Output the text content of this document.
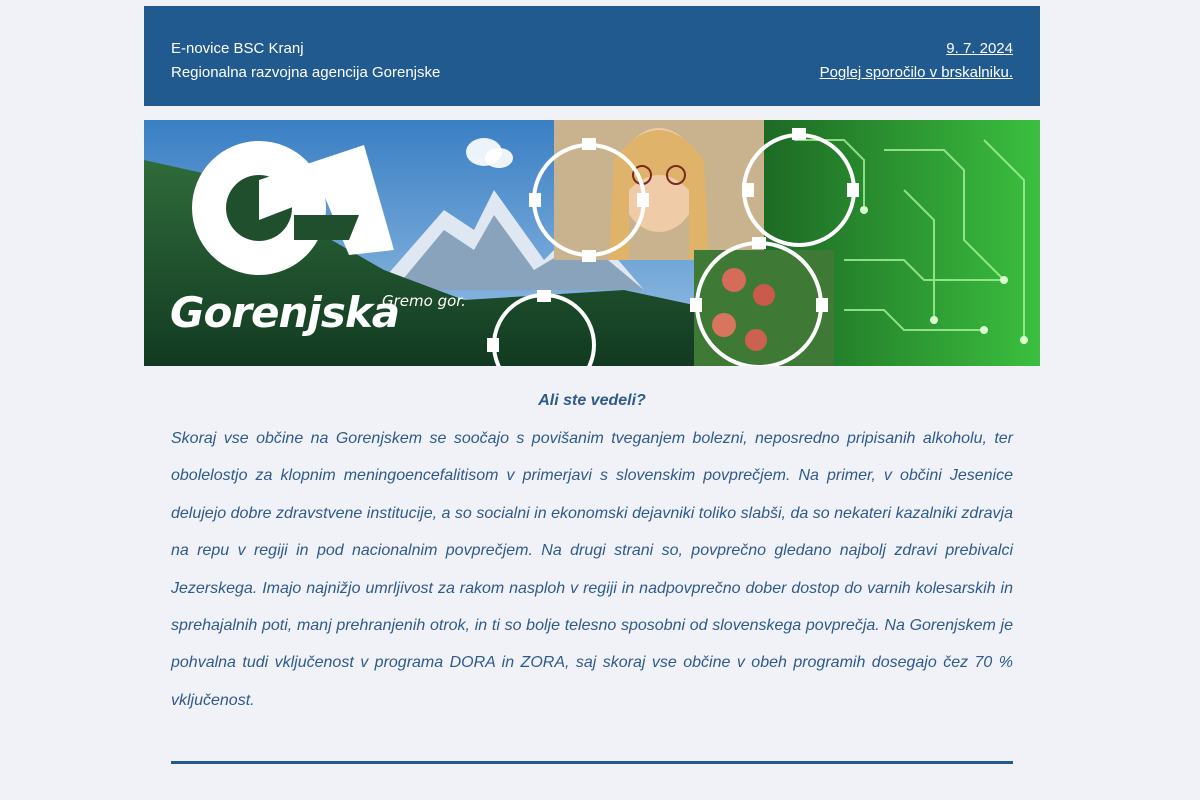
E-novice BSC Kranj
Regionalna razvojna agencija Gorenjske
9. 7. 2024
Poglej sporočilo v brskalniku.
Gorenjska
Gremo gor.
Ali ste vedeli?

Skoraj vse občine na Gorenjskem se soočajo s povišanim tveganjem bolezni, neposredno pripisanih alkoholu, ter obolelostjo za klopnim meningoencefalitisom v primerjavi s slovenskim povprečjem. Na primer, v občini Jesenice delujejo dobre zdravstvene institucije, a so socialni in ekonomski dejavniki toliko slabši, da so nekateri kazalniki zdravja na repu v regiji in pod nacionalnim povprečjem. Na drugi strani so, povprečno gledano najbolj zdravi prebivalci Jezerskega. Imajo najnižjo umrljivost za rakom nasploh v regiji in nadpovprečno dober dostop do varnih kolesarskih in sprehajalnih poti, manj prehranjenih otrok, in ti so bolje telesno sposobni od slovenskega povprečja. Na Gorenjskem je pohvalna tudi vključenost v programa DORA in ZORA, saj skoraj vse občine v obeh programih dosegajo čez 70 % vključenost.
